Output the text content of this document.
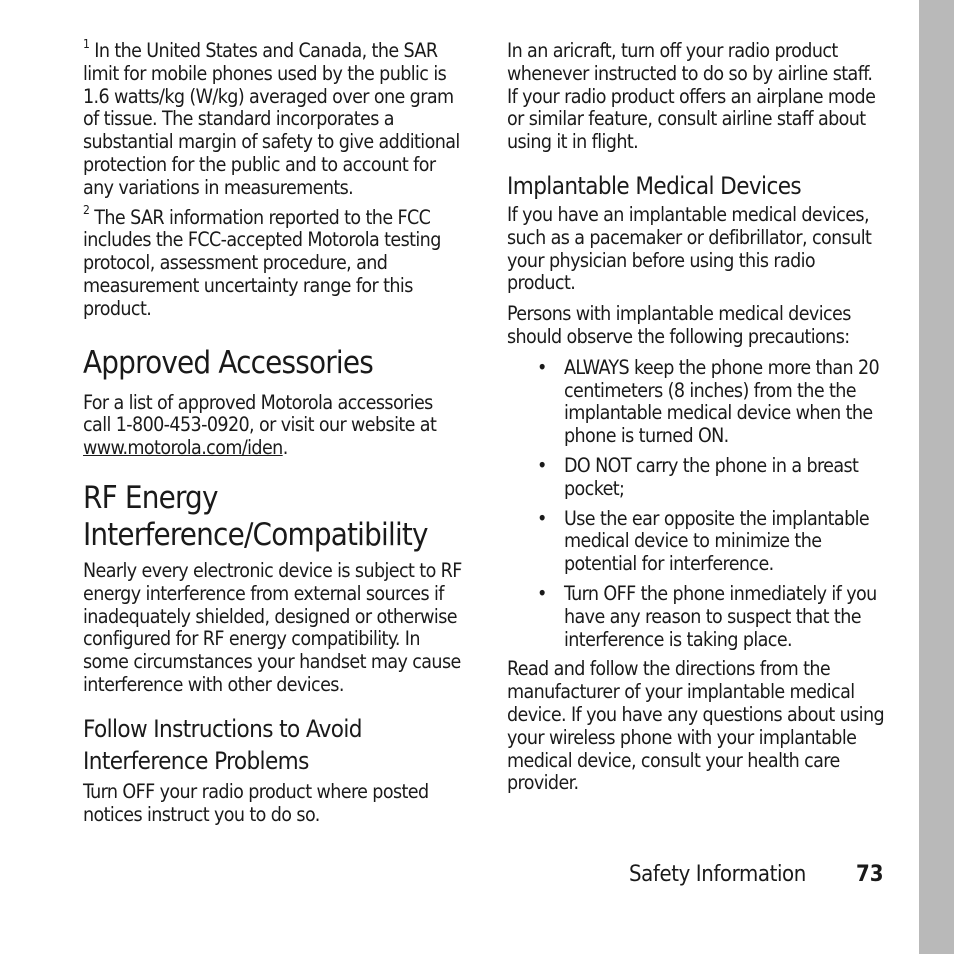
$^1$ In the United States and Canada, the SAR limit for mobile phones used by the public is 1.6 watts/kg (W/kg) averaged over one gram of tissue. The standard incorporates a substantial margin of safety to give additional protection for the public and to account for any variations in measurements.

$^2$ The SAR information reported to the FCC includes the FCC-accepted Motorola testing protocol, assessment procedure, and measurement uncertainty range for this product.

Approved Accessories

For a list of approved Motorola accessories call 1-800-453-0920, or visit our website at www.motorola.com/iden.

RF Energy
Interference/Compatibility

Nearly every electronic device is subject to RF energy interference from external sources if inadequately shielded, designed or otherwise configured for RF energy compatibility. In some circumstances your handset may cause interference with other devices.

Follow Instructions to Avoid
Interference Problems

Turn OFF your radio product where posted notices instruct you to do so.

In an aricraft, turn off your radio product whenever instructed to do so by airline staff. If your radio product offers an airplane mode or similar feature, consult airline staff about using it in flight.

Implantable Medical Devices

If you have an implantable medical devices, such as a pacemaker or defibrillator, consult your physician before using this radio product.

Persons with implantable medical devices should observe the following precautions:

• ALWAYS keep the phone more than 20 centimeters (8 inches) from the the implantable medical device when the phone is turned ON.
• DO NOT carry the phone in a breast pocket;
• Use the ear opposite the implantable medical device to minimize the potential for interference.
• Turn OFF the phone inmediately if you have any reason to suspect that the interference is taking place.

Read and follow the directions from the manufacturer of your implantable medical device. If you have any questions about using your wireless phone with your implantable medical device, consult your health care provider.

Safety Information 73
